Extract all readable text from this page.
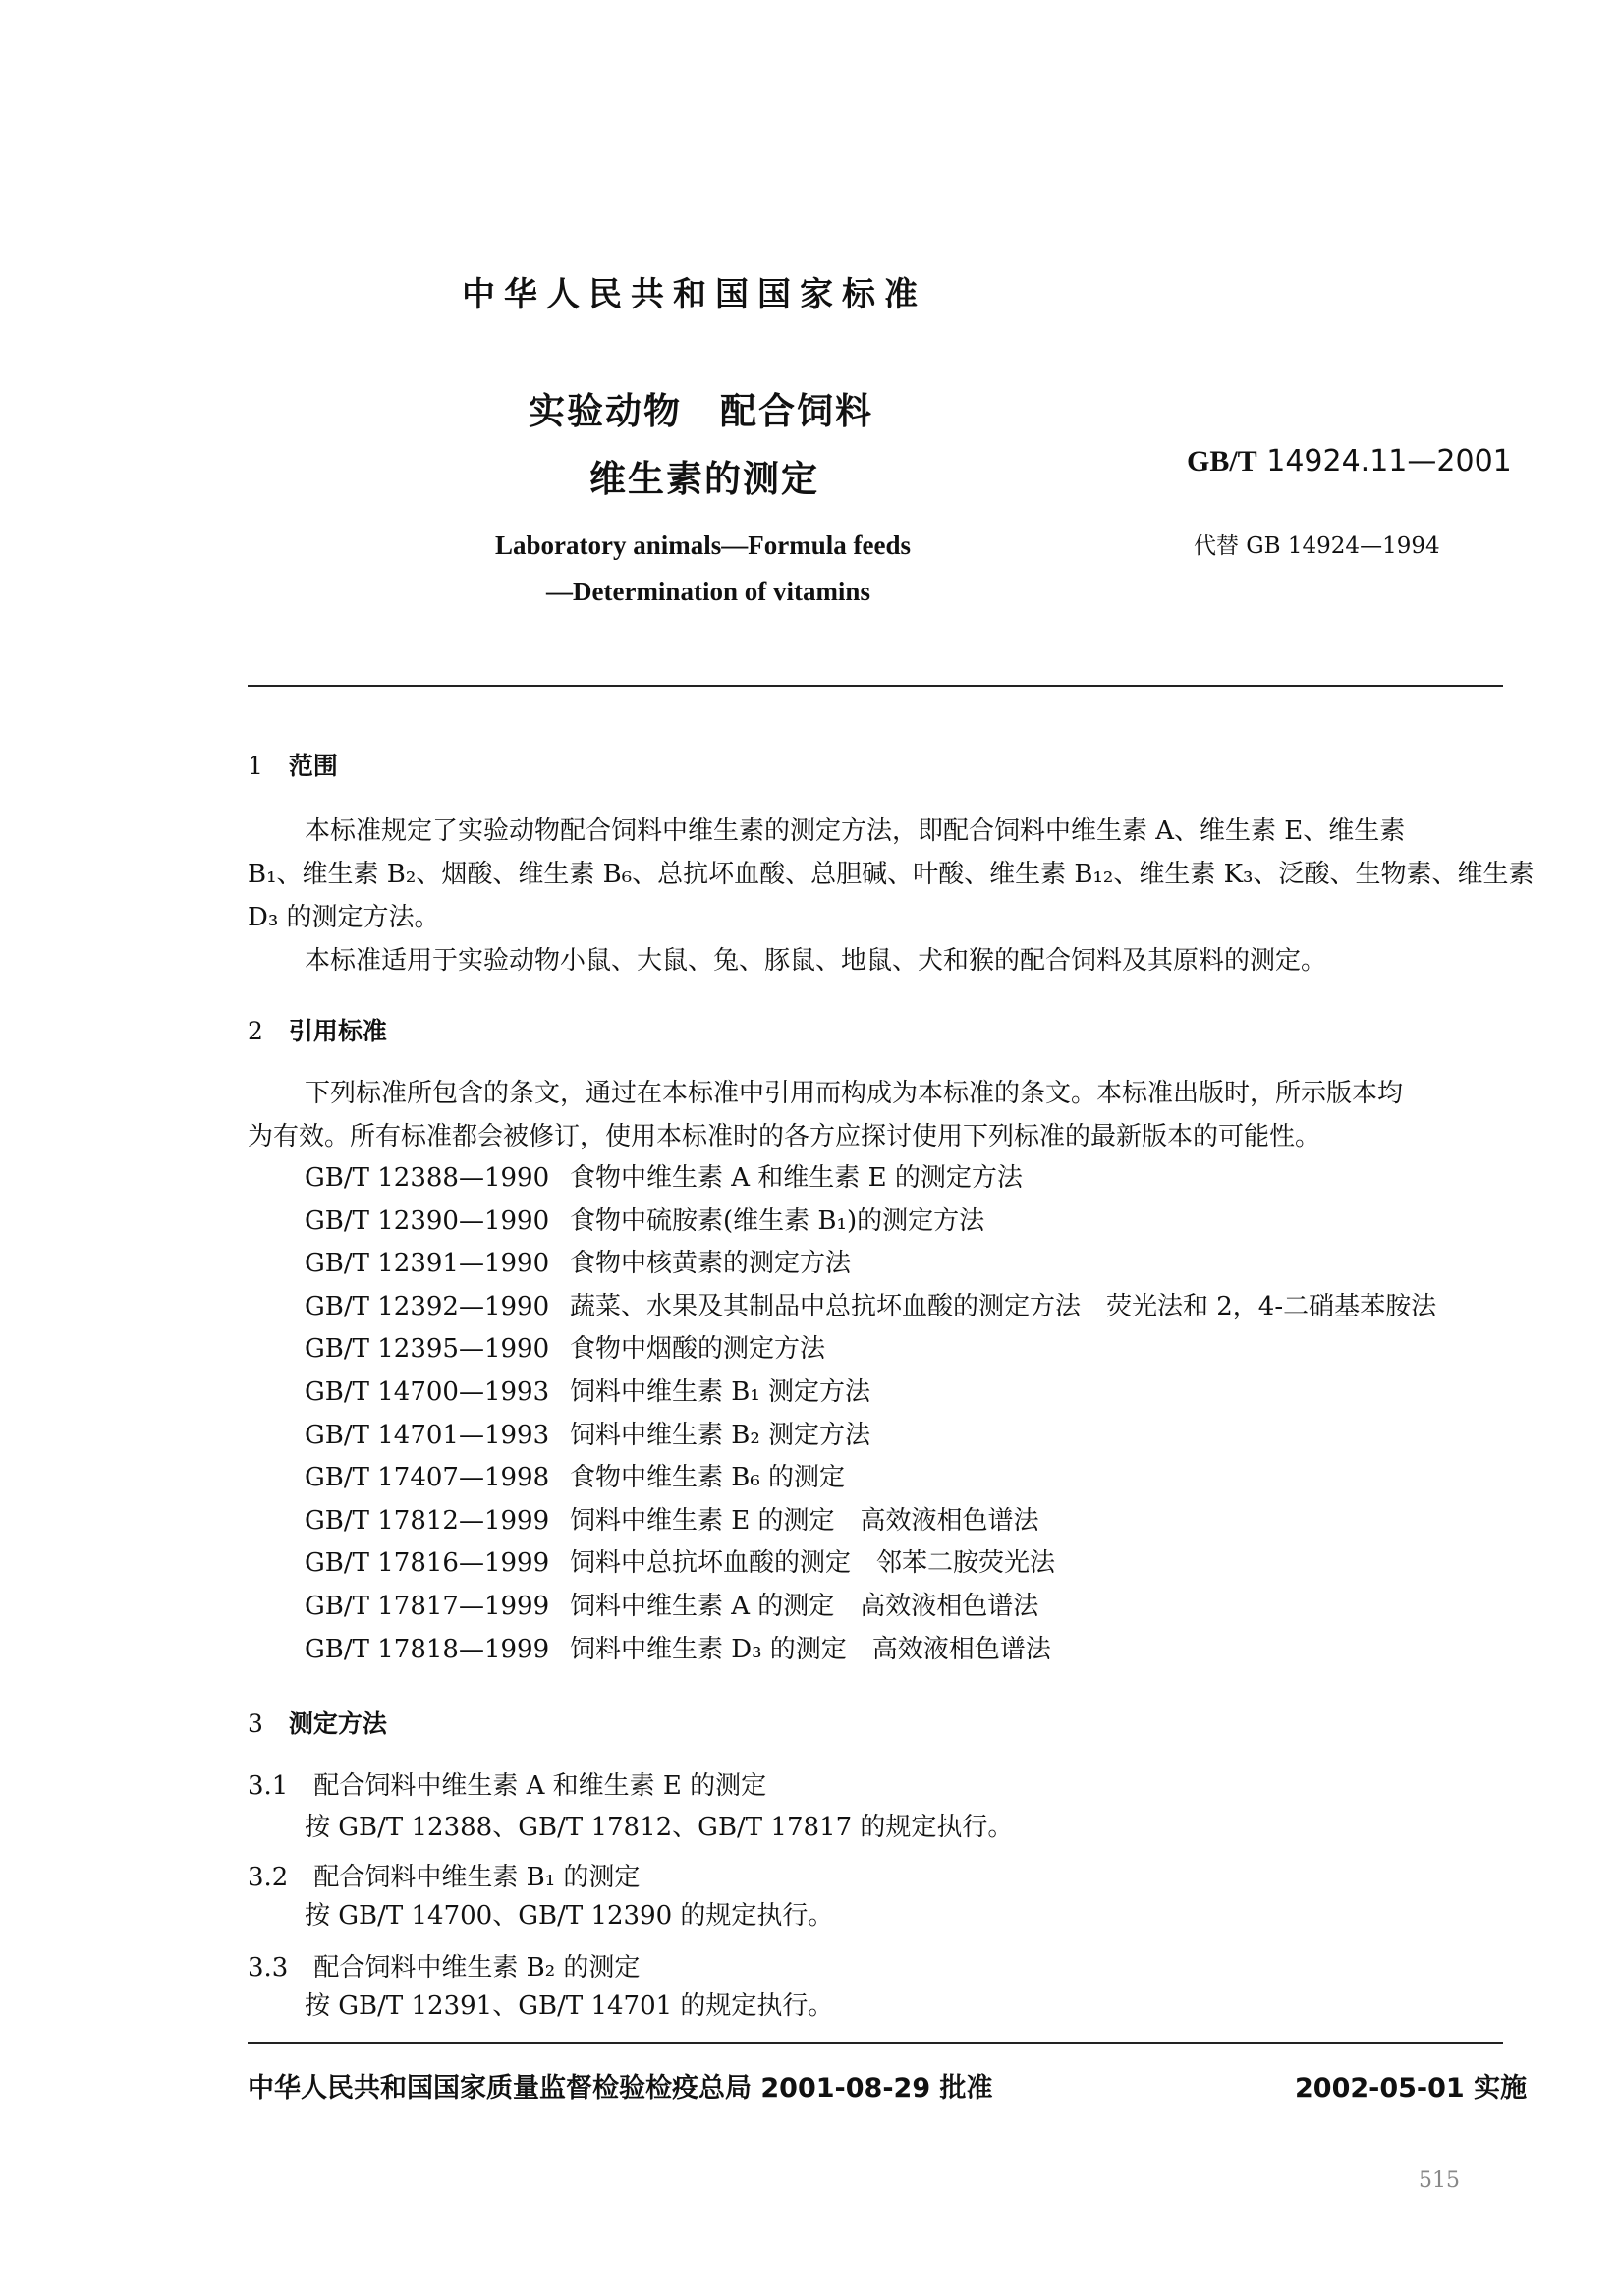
中华人民共和国国家标准
实验动物　配合饲料
维生素的测定	GB/T 14924.11—2001
Laboratory animals—Formula feeds
—Determination of vitamins
代替 GB 14924—1994
1 范围
本标准规定了实验动物配合饲料中维生素的测定方法，即配合饲料中维生素 A、维生素 E、维生素
B₁、维生素 B₂、烟酸、维生素 B₆、总抗坏血酸、总胆碱、叶酸、维生素 B₁₂、维生素 K₃、泛酸、生物素、维生素
D₃ 的测定方法。
本标准适用于实验动物小鼠、大鼠、兔、豚鼠、地鼠、犬和猴的配合饲料及其原料的测定。
2 引用标准
下列标准所包含的条文，通过在本标准中引用而构成为本标准的条文。本标准出版时，所示版本均
为有效。所有标准都会被修订，使用本标准时的各方应探讨使用下列标准的最新版本的可能性。
GB/T 12388—1990 食物中维生素 A 和维生素 E 的测定方法
GB/T 12390—1990 食物中硫胺素(维生素 B₁)的测定方法
GB/T 12391—1990 食物中核黄素的测定方法
GB/T 12392—1990 蔬菜、水果及其制品中总抗坏血酸的测定方法　荧光法和 2，4-二硝基苯胺法
GB/T 12395—1990 食物中烟酸的测定方法
GB/T 14700—1993 饲料中维生素 B₁ 测定方法
GB/T 14701—1993 饲料中维生素 B₂ 测定方法
GB/T 17407—1998 食物中维生素 B₆ 的测定
GB/T 17812—1999 饲料中维生素 E 的测定　高效液相色谱法
GB/T 17816—1999 饲料中总抗坏血酸的测定　邻苯二胺荧光法
GB/T 17817—1999 饲料中维生素 A 的测定　高效液相色谱法
GB/T 17818—1999 饲料中维生素 D₃ 的测定　高效液相色谱法
3 测定方法
3.1 配合饲料中维生素 A 和维生素 E 的测定
按 GB/T 12388、GB/T 17812、GB/T 17817 的规定执行。
3.2 配合饲料中维生素 B₁ 的测定
按 GB/T 14700、GB/T 12390 的规定执行。
3.3 配合饲料中维生素 B₂ 的测定
按 GB/T 12391、GB/T 14701 的规定执行。
中华人民共和国国家质量监督检验检疫总局 2001-08-29 批准	2002-05-01 实施
515
